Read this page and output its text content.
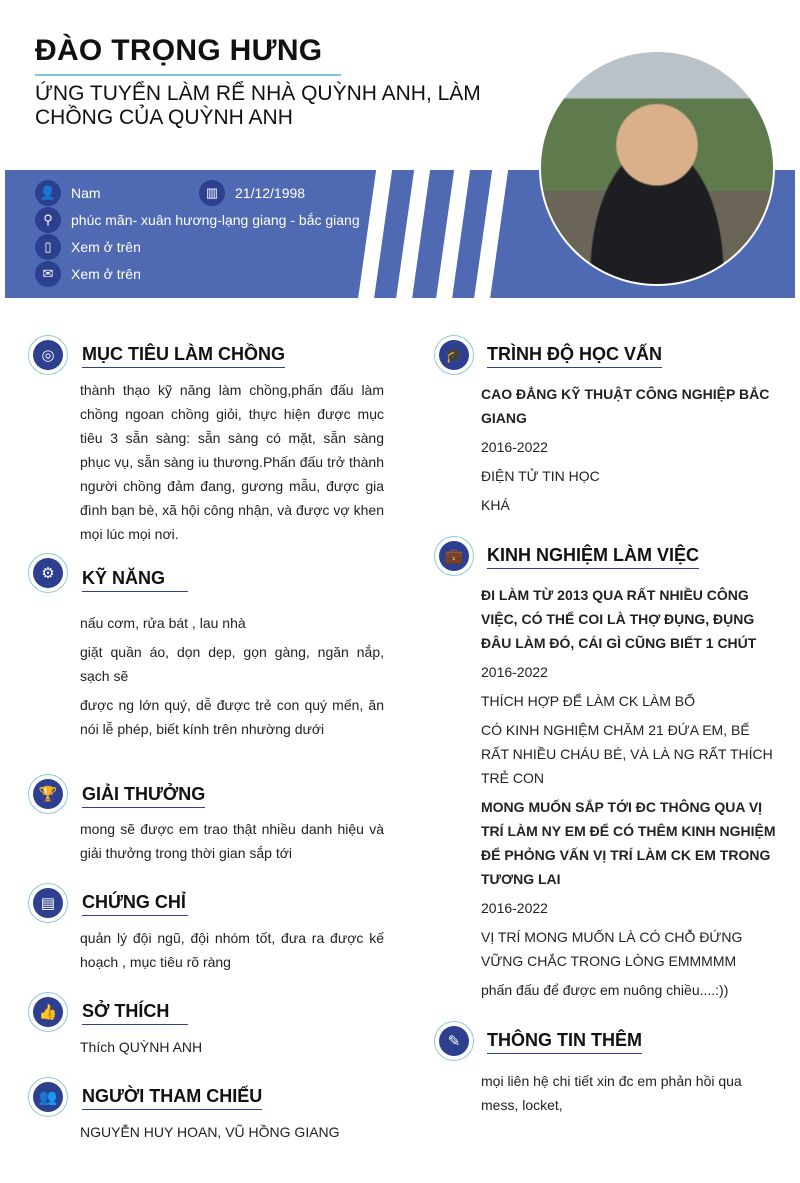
ĐÀO TRỌNG HƯNG
ỨNG TUYỂN LÀM RỂ NHÀ QUỲNH ANH, LÀM CHỒNG CỦA QUỲNH ANH
👤	Nam	▥	21/12/1998
⚲	phúc mãn- xuân hương-lạng giang - bắc giang
▯	Xem ở trên
✉	Xem ở trên
◎	MỤC TIÊU LÀM CHỒNG
thành thạo kỹ năng làm chồng,phấn đấu làm chồng ngoan chồng giỏi, thực hiện được mục tiêu 3 sẵn sàng: sẵn sàng có mặt, sẵn sàng phục vụ, sẵn sàng iu thương.Phấn đấu trở thành người chồng đảm đang, gương mẫu, được gia đình bạn bè, xã hội công nhận, và được vợ khen mọi lúc mọi nơi.
⚙	KỸ NĂNG

nấu cơm, rửa bát , lau nhà

giặt quần áo, dọn dẹp, gọn gàng, ngăn nắp, sạch sẽ

được ng lớn quý, dễ được trẻ con quý mến, ăn nói lễ phép, biết kính trên nhường dưới

🏆	GIẢI THƯỞNG
mong sẽ được em trao thật nhiều danh hiệu và giải thưởng trong thời gian sắp tới
▤	CHỨNG CHỈ
quản lý đội ngũ, đội nhóm tốt, đưa ra được kế hoạch , mục tiêu rõ ràng
👍	SỞ THÍCH
Thích QUỲNH ANH
👥	NGƯỜI THAM CHIẾU
NGUYỄN HUY HOAN, VŨ HỒNG GIANG
🎓	TRÌNH ĐỘ HỌC VẤN

CAO ĐẲNG KỸ THUẬT CÔNG NGHIỆP BẮC GIANG

2016-2022

ĐIỆN TỬ TIN HỌC

KHÁ

💼	KINH NGHIỆM LÀM VIỆC

ĐI LÀM TỪ 2013 QUA RẤT NHIỀU CÔNG VIỆC, CÓ THỂ COI LÀ THỢ ĐỤNG, ĐỤNG ĐÂU LÀM ĐÓ, CÁI GÌ CŨNG BIẾT 1 CHÚT

2016-2022

THÍCH HỢP ĐỂ LÀM CK LÀM BỐ

CÓ KINH NGHIỆM CHĂM 21 ĐỨA EM, BẾ RẤT NHIỀU CHÁU BÉ, VÀ LÀ NG RẤT THÍCH TRẺ CON

MONG MUỐN SẮP TỚI ĐC THÔNG QUA VỊ TRÍ LÀM NY EM ĐỂ CÓ THÊM KINH NGHIỆM ĐỂ PHỎNG VẤN VỊ TRÍ LÀM CK EM TRONG TƯƠNG LAI

2016-2022

VỊ TRÍ MONG MUỐN LÀ CÓ CHỖ ĐỨNG VỮNG CHẮC TRONG LÒNG EMMMMM

phấn đấu để được em nuông chiều....:))

✎	THÔNG TIN THÊM
mọi liên hệ chi tiết xin đc em phản hồi qua mess, locket,
